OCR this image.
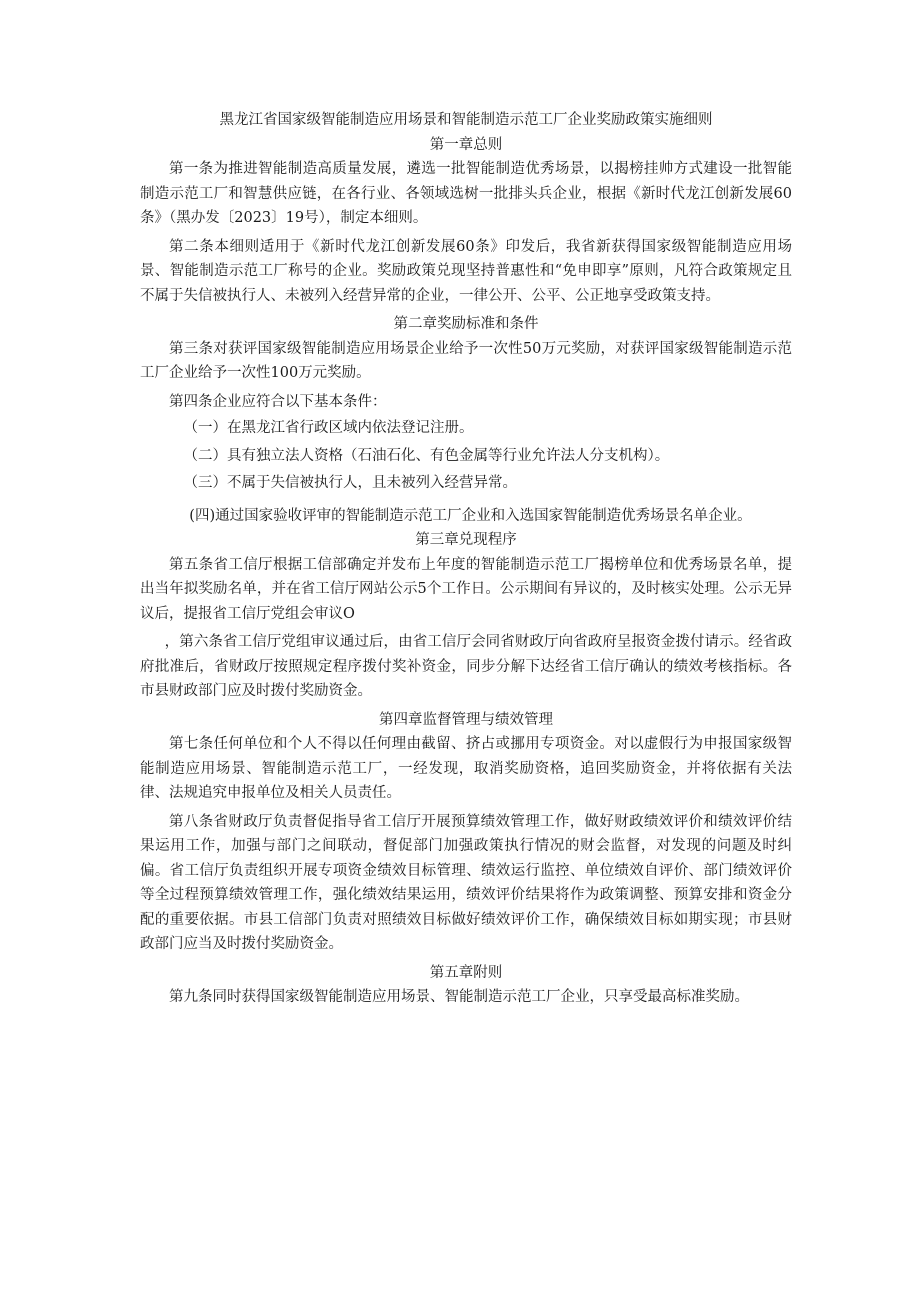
黑龙江省国家级智能制造应用场景和智能制造示范工厂企业奖励政策实施细则

第一章总则

第一条为推进智能制造高质量发展，遴选一批智能制造优秀场景，以揭榜挂帅方式建设一批智能制造示范工厂和智慧供应链，在各行业、各领域选树一批排头兵企业，根据《新时代龙江创新发展60条》（黑办发〔2023〕19号），制定本细则。

第二条本细则适用于《新时代龙江创新发展60条》印发后，我省新获得国家级智能制造应用场景、智能制造示范工厂称号的企业。奖励政策兑现坚持普惠性和“免申即享”原则，凡符合政策规定且不属于失信被执行人、未被列入经营异常的企业，一律公开、公平、公正地享受政策支持。

第二章奖励标准和条件

第三条对获评国家级智能制造应用场景企业给予一次性50万元奖励，对获评国家级智能制造示范工厂企业给予一次性100万元奖励。

第四条企业应符合以下基本条件：

（一）在黑龙江省行政区域内依法登记注册。

（二）具有独立法人资格（石油石化、有色金属等行业允许法人分支机构）。

（三）不属于失信被执行人，且未被列入经营异常。

(四)通过国家验收评审的智能制造示范工厂企业和入选国家智能制造优秀场景名单企业。

第三章兑现程序

第五条省工信厅根据工信部确定并发布上年度的智能制造示范工厂揭榜单位和优秀场景名单，提出当年拟奖励名单，并在省工信厅网站公示5个工作日。公示期间有异议的，及时核实处理。公示无异议后，提报省工信厅党组会审议O

，第六条省工信厅党组审议通过后，由省工信厅会同省财政厅向省政府呈报资金拨付请示。经省政府批准后，省财政厅按照规定程序拨付奖补资金，同步分解下达经省工信厅确认的绩效考核指标。各市县财政部门应及时拨付奖励资金。

第四章监督管理与绩效管理

第七条任何单位和个人不得以任何理由截留、挤占或挪用专项资金。对以虚假行为申报国家级智能制造应用场景、智能制造示范工厂，一经发现，取消奖励资格，追回奖励资金，并将依据有关法律、法规追究申报单位及相关人员责任。

第八条省财政厅负责督促指导省工信厅开展预算绩效管理工作，做好财政绩效评价和绩效评价结果运用工作，加强与部门之间联动，督促部门加强政策执行情况的财会监督，对发现的问题及时纠偏。省工信厅负责组织开展专项资金绩效目标管理、绩效运行监控、单位绩效自评价、部门绩效评价等全过程预算绩效管理工作，强化绩效结果运用，绩效评价结果将作为政策调整、预算安排和资金分配的重要依据。市县工信部门负责对照绩效目标做好绩效评价工作，确保绩效目标如期实现；市县财政部门应当及时拨付奖励资金。

第五章附则

第九条同时获得国家级智能制造应用场景、智能制造示范工厂企业，只享受最高标准奖励。
